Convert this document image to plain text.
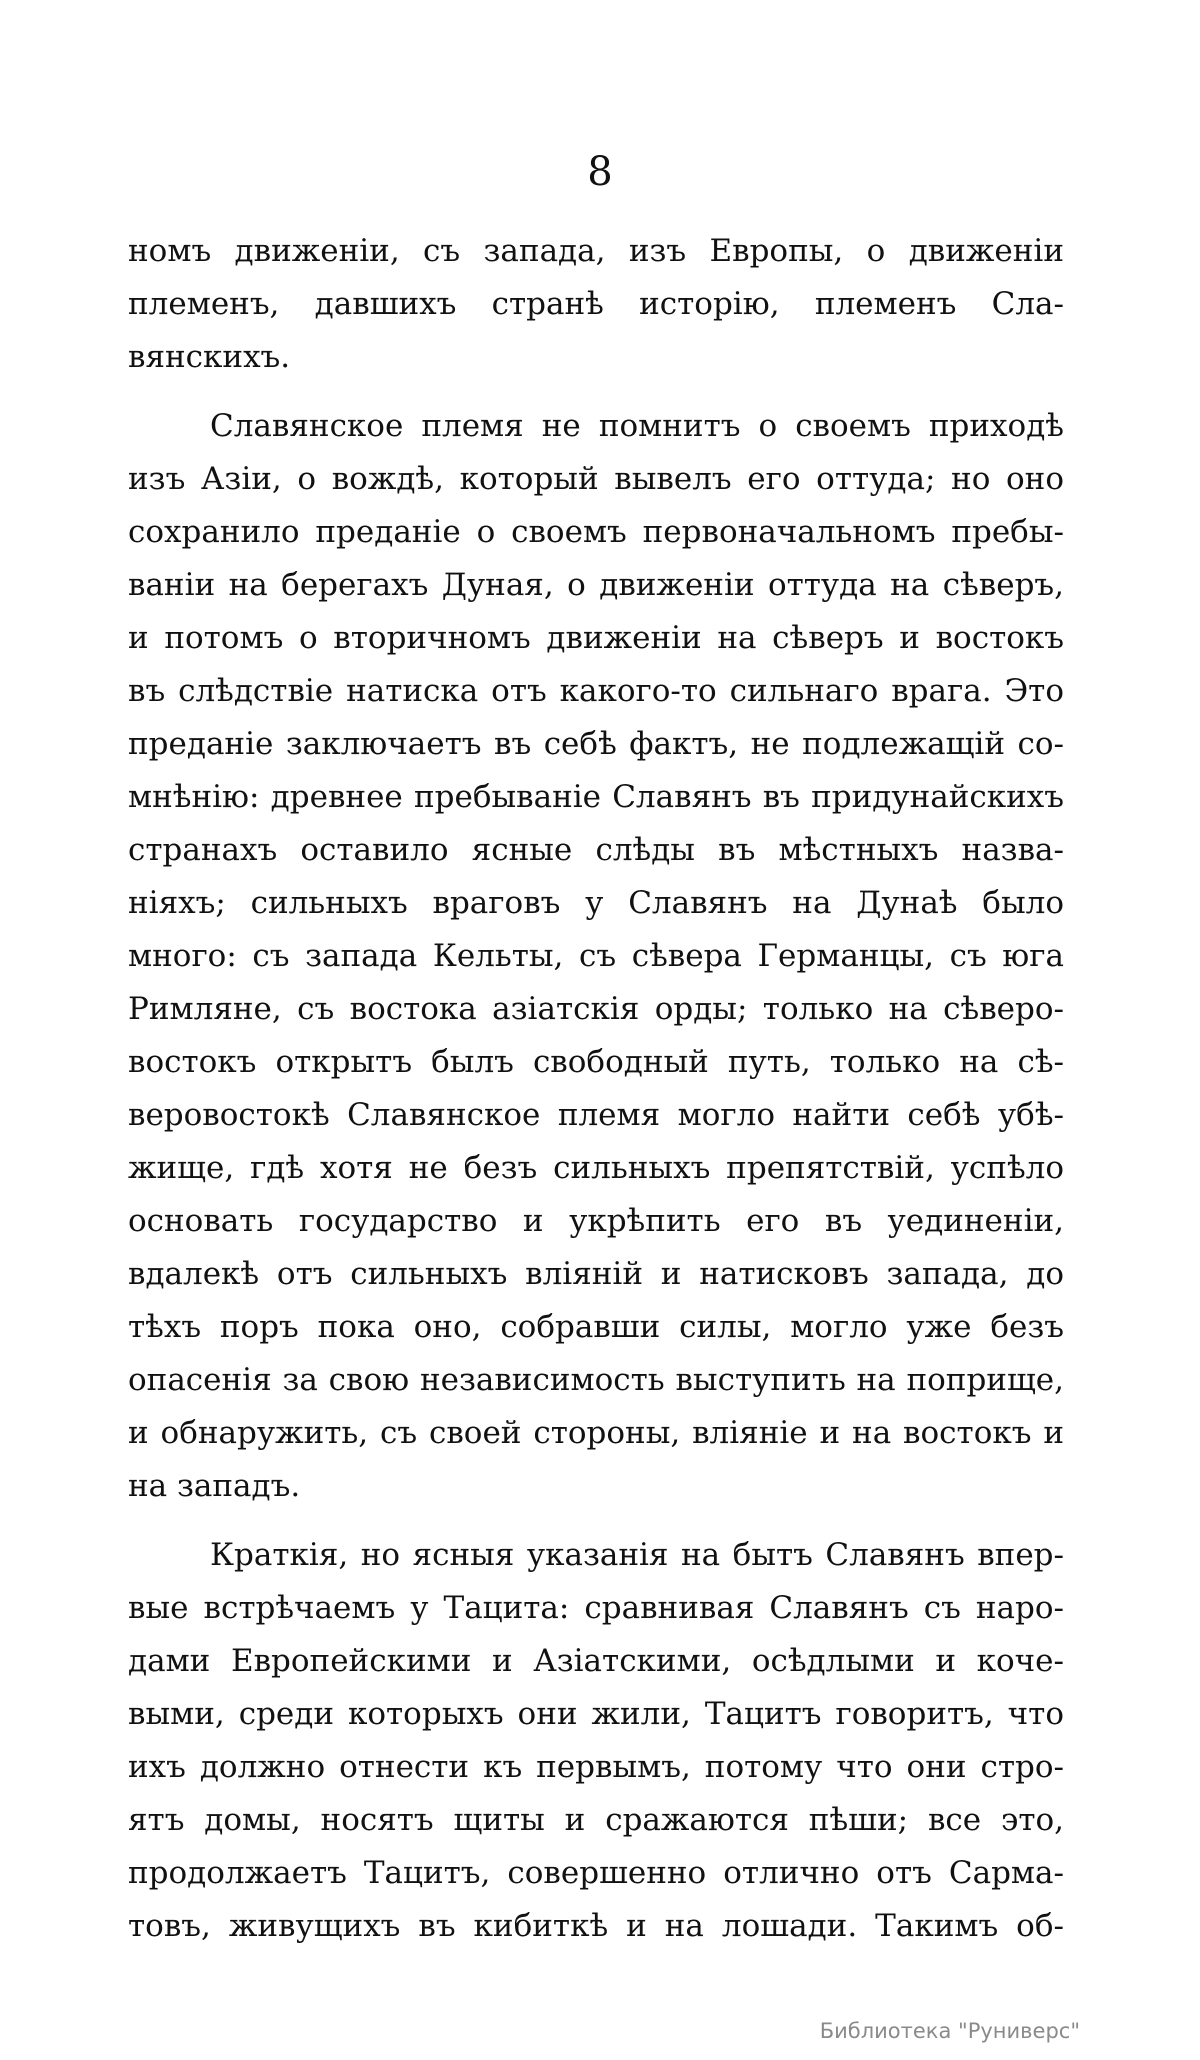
8
номъ движеніи, съ запада, изъ Европы, о движеніи
племенъ, давшихъ странѣ исторію, племенъ Сла-
вянскихъ.
Славянское племя не помнитъ о своемъ приходѣ
изъ Азіи, о вождѣ, который вывелъ его оттуда; но оно
сохранило преданіе о своемъ первоначальномъ пребы-
ваніи на берегахъ Дуная, о движеніи оттуда на сѣверъ,
и потомъ о вторичномъ движеніи на сѣверъ и востокъ
въ слѣдствіе натиска отъ какого-то сильнаго врага. Это
преданіе заключаетъ въ себѣ фактъ, не подлежащій со-
мнѣнію: древнее пребываніе Славянъ въ придунайскихъ
странахъ оставило ясные слѣды въ мѣстныхъ назва-
ніяхъ; сильныхъ враговъ у Славянъ на Дунаѣ было
много: съ запада Кельты, съ сѣвера Германцы, съ юга
Римляне, съ востока азіатскія орды; только на сѣверо-
востокъ открытъ былъ свободный путь, только на сѣ-
веровостокѣ Славянское племя могло найти себѣ убѣ-
жище, гдѣ хотя не безъ сильныхъ препятствій, успѣло
основать государство и укрѣпить его въ уединеніи,
вдалекѣ отъ сильныхъ вліяній и натисковъ запада, до
тѣхъ поръ пока оно, собравши силы, могло уже безъ
опасенія за свою независимость выступить на поприще,
и обнаружить, съ своей стороны, вліяніе и на востокъ и
на западъ.
Краткія, но ясныя указанія на бытъ Славянъ впер-
вые встрѣчаемъ у Тацита: сравнивая Славянъ съ наро-
дами Европейскими и Азіатскими, осѣдлыми и коче-
выми, среди которыхъ они жили, Тацитъ говоритъ, что
ихъ должно отнести къ первымъ, потому что они стро-
ятъ домы, носятъ щиты и сражаются пѣши; все это,
продолжаетъ Тацитъ, совершенно отлично отъ Сарма-
товъ, живущихъ въ кибиткѣ и на лошади. Такимъ об-
Библиотека "Руниверс"
